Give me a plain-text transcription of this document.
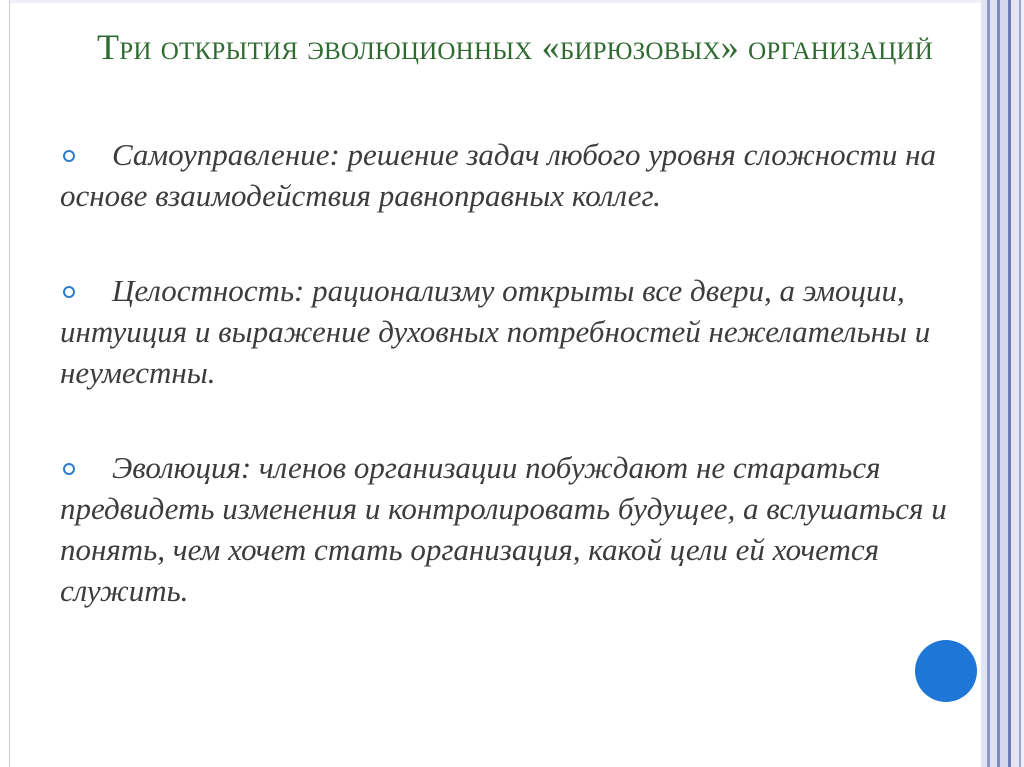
Три открытия эволюционных «бирюзовых» организаций
Самоуправление: решение задач любого уровня сложности на основе взаимодействия равноправных коллег.
Целостность: рационализму открыты все двери, а эмоции, интуиция и выражение духовных потребностей нежелательны и неуместны.
Эволюция: членов организации побуждают не стараться предвидеть изменения и контролировать будущее, а вслушаться и понять, чем хочет стать организация, какой цели ей хочется служить.
